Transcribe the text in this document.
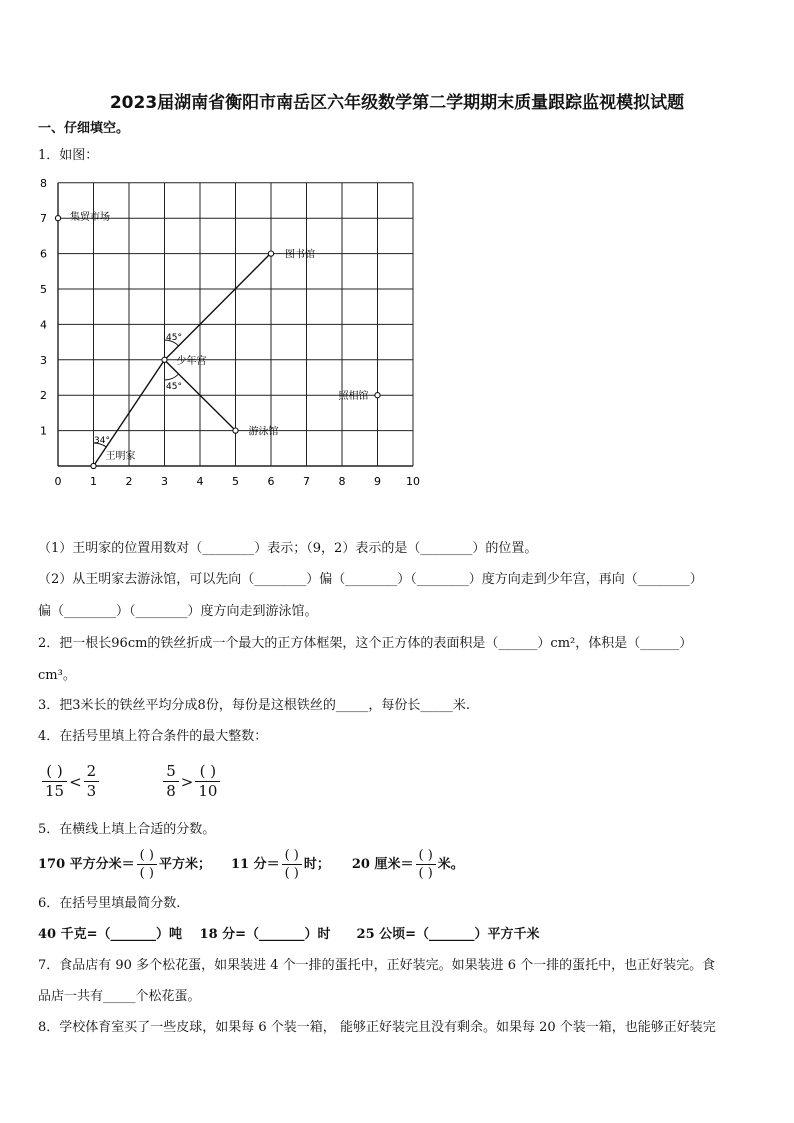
2023届湖南省衡阳市南岳区六年级数学第二学期期末质量跟踪监视模拟试题
一、仔细填空。
1．如图：
0	1	2	3	4	5	6	7	8	9 10
1
2
3
4
5
6
7
8
集贸市场
图书馆
少年宫
照相馆
游泳馆
王明家
45°
45°
34°
（1）王明家的位置用数对（________）表示；（9，2）表示的是（________）的位置。
（2）从王明家去游泳馆，可以先向（________）偏（________）（________）度方向走到少年宫，再向（________）
偏（________）（________）度方向走到游泳馆。
2．把一根长96cm的铁丝折成一个最大的正方体框架，这个正方体的表面积是（______）cm²，体积是（______）
cm³。
3．把3米长的铁丝平均分成8份，每份是这根铁丝的_____，每份长_____米.
4．在括号里填上符合条件的最大整数：
$\frac{( )}{15} < \frac{2}{3}$	$\frac{5}{8} > \frac{( )}{10}$
5．在横线上填上合适的分数。
170 平方分米＝ $\frac{( )}{( )}$ 平方米； 11 分＝ $\frac{( )}{( )}$ 时； 20 厘米＝ $\frac{( )}{( )}$ 米。
6．在括号里填最简分数.
40 千克=（_______）吨　 18 分=（_______）时　　25 公顷=（_______）平方千米
7．食品店有 90 多个松花蛋，如果装进 4 个一排的蛋托中，正好装完。如果装进 6 个一排的蛋托中，也正好装完。食
品店一共有_____个松花蛋。
8．学校体育室买了一些皮球，如果每 6 个装一箱， 能够正好装完且没有剩余。如果每 20 个装一箱，也能够正好装完
